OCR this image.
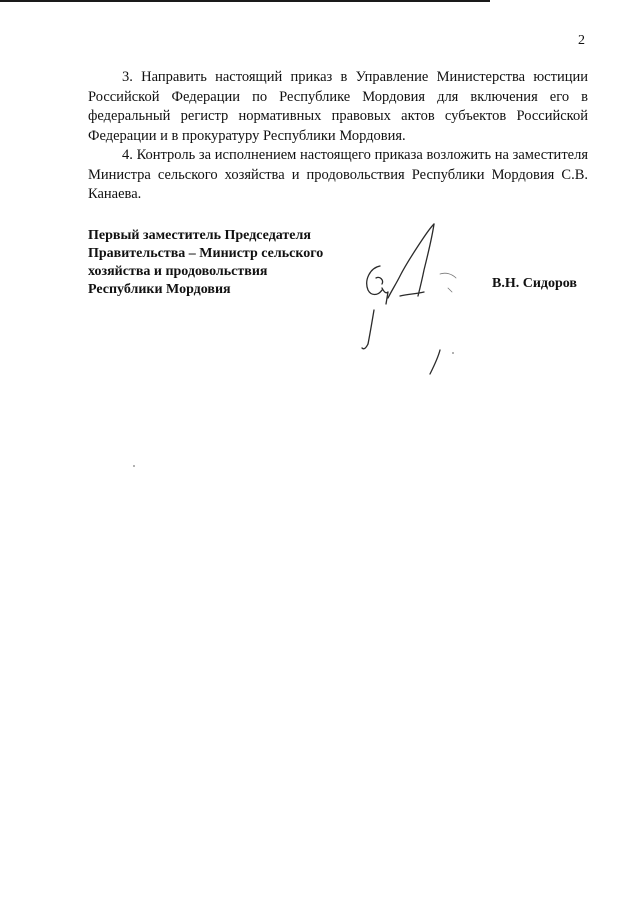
2

3. Направить настоящий приказ в Управление Министерства юстиции Российской Федерации по Республике Мордовия для включения его в федеральный регистр нормативных правовых актов субъектов Российской Федерации и в прокуратуру Республики Мордовия.

4. Контроль за исполнением настоящего приказа возложить на заместителя Министра сельского хозяйства и продовольствия Республики Мордовия С.В. Канаева.

Первый заместитель Председателя
Правительства – Министр сельского
хозяйства и продовольствия
Республики Мордовия	В.Н. Сидоров
